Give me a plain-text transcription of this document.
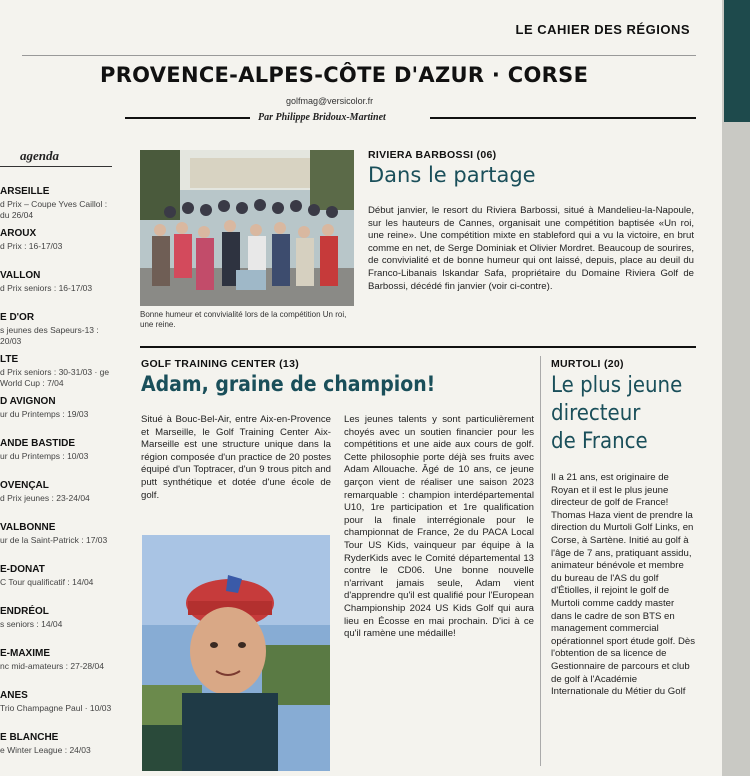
LE CAHIER DES RÉGIONS
PROVENCE-ALPES-CÔTE D'AZUR · CORSE
golfmag@versicolor.fr
Par Philippe Bridoux-Martinet
agenda
ARSEILLE
d Prix – Coupe Yves Caillol : du 26/04
AROUX
d Prix : 16-17/03
VALLON
d Prix seniors : 16-17/03
E D'OR
s jeunes des Sapeurs-13 : 20/03
LTE
d Prix seniors : 30-31/03 · ge World Cup : 7/04
D AVIGNON
ur du Printemps : 19/03
ANDE BASTIDE
ur du Printemps : 10/03
OVENÇAL
d Prix jeunes : 23-24/04
VALBONNE
ur de la Saint-Patrick : 17/03
E-DONAT
C Tour qualificatif : 14/04
ENDRÉOL
s seniors : 14/04
E-MAXIME
nc mid-amateurs : 27-28/04
ANES
Trio Champagne Paul · 10/03
E BLANCHE
e Winter League : 24/03
Bonne humeur et convivialité lors de la compétition Un roi, une reine.
RIVIERA BARBOSSI (06)
Dans le partage
Début janvier, le resort du Riviera Barbossi, situé à Mandelieu-la-Napoule, sur les hauteurs de Cannes, organisait une compétition baptisée «Un roi, une reine». Une compétition mixte en stableford qui a vu la victoire, en brut comme en net, de Serge Dominiak et Olivier Mordret. Beaucoup de sourires, de convivialité et de bonne humeur qui ont laissé, depuis, place au deuil du Franco-Libanais Iskandar Safa, propriétaire du Domaine Riviera Golf de Barbossi, décédé fin janvier (voir ci-contre).
GOLF TRAINING CENTER (13)
Adam, graine de champion!
Situé à Bouc-Bel-Air, entre Aix-en-Provence et Marseille, le Golf Training Center Aix-Marseille est une structure unique dans la région composée d'un practice de 20 postes équipé d'un Toptracer, d'un 9 trous pitch and putt synthétique et dotée d'une école de golf.
Les jeunes talents y sont particulièrement choyés avec un soutien financier pour les compétitions et une aide aux cours de golf. Cette philosophie porte déjà ses fruits avec Adam Allouache. Âgé de 10 ans, ce jeune garçon vient de réaliser une saison 2023 remarquable : champion interdépartemental U10, 1re participation et 1re qualification pour la finale interrégionale pour le championnat de France, 2e du PACA Local Tour US Kids, vainqueur par équipe à la RyderKids avec le Comité départemental 13 contre le CD06. Une bonne nouvelle n'arrivant jamais seule, Adam vient d'apprendre qu'il est qualifié pour l'European Championship 2024 US Kids Golf qui aura lieu en Écosse en mai prochain. D'ici à ce qu'il ramène une médaille!
MURTOLI (20)
Le plus jeune
directeur
de France
Il a 21 ans, est originaire de Royan et il est le plus jeune directeur de golf de France! Thomas Haza vient de prendre la direction du Murtoli Golf Links, en Corse, à Sartène. Initié au golf à l'âge de 7 ans, pratiquant assidu, animateur bénévole et membre du bureau de l'AS du golf d'Étiolles, il rejoint le golf de Murtoli comme caddy master dans le cadre de son BTS en management commercial opérationnel sport étude golf. Dès l'obtention de sa licence de Gestionnaire de parcours et club de golf à l'Académie Internationale du Métier du Golf
